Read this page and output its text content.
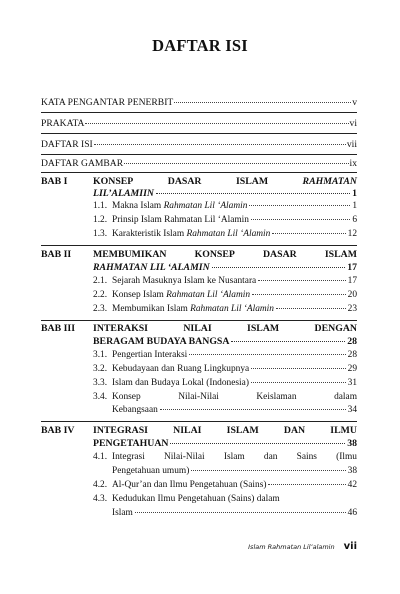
DAFTAR ISI
KATA PENGANTAR PENERBIT	v
PRAKATA	vi
DAFTAR ISI	vii
DAFTAR GAMBAR	ix
BAB I	KONSEP	DASAR	ISLAM	RAHMATAN
LIL’ALAMIIN	1
1.1. Makna Islam Rahmatan Lil ‘Alamin	1
1.2. Prinsip Islam Rahmatan Lil ‘Alamin	6
1.3. Karakteristik Islam Rahmatan Lil ‘Alamin	12
BAB II MEMBUMIKAN	KONSEP	DASAR	ISLAM
RAHMATAN LIL ‘ALAMIN	17
2.1. Sejarah Masuknya Islam ke Nusantara	17
2.2. Konsep Islam Rahmatan Lil ‘Alamin	20
2.3. Membumikan Islam Rahmatan Lil ‘Alamin	23
BAB III INTERAKSI	NILAI	ISLAM	DENGAN
BERAGAM BUDAYA BANGSA	28
3.1. Pengertian Interaksi	28
3.2. Kebudayaan dan Ruang Lingkupnya	29
3.3. Islam dan Budaya Lokal (Indonesia)	31
3.4. Konsep Nilai-Nilai Keislaman dalam
Kebangsaan	34
BAB IV INTEGRASI	NILAI	ISLAM	DAN	ILMU
PENGETAHUAN	38
4.1. Integrasi Nilai-Nilai Islam dan Sains (Ilmu
Pengetahuan umum)	38
4.2. Al-Qur’an dan Ilmu Pengetahuan (Sains)	42
4.3. Kedudukan Ilmu Pengetahuan (Sains) dalam
Islam	46
Islam Rahmatan Lil’alamin vii
